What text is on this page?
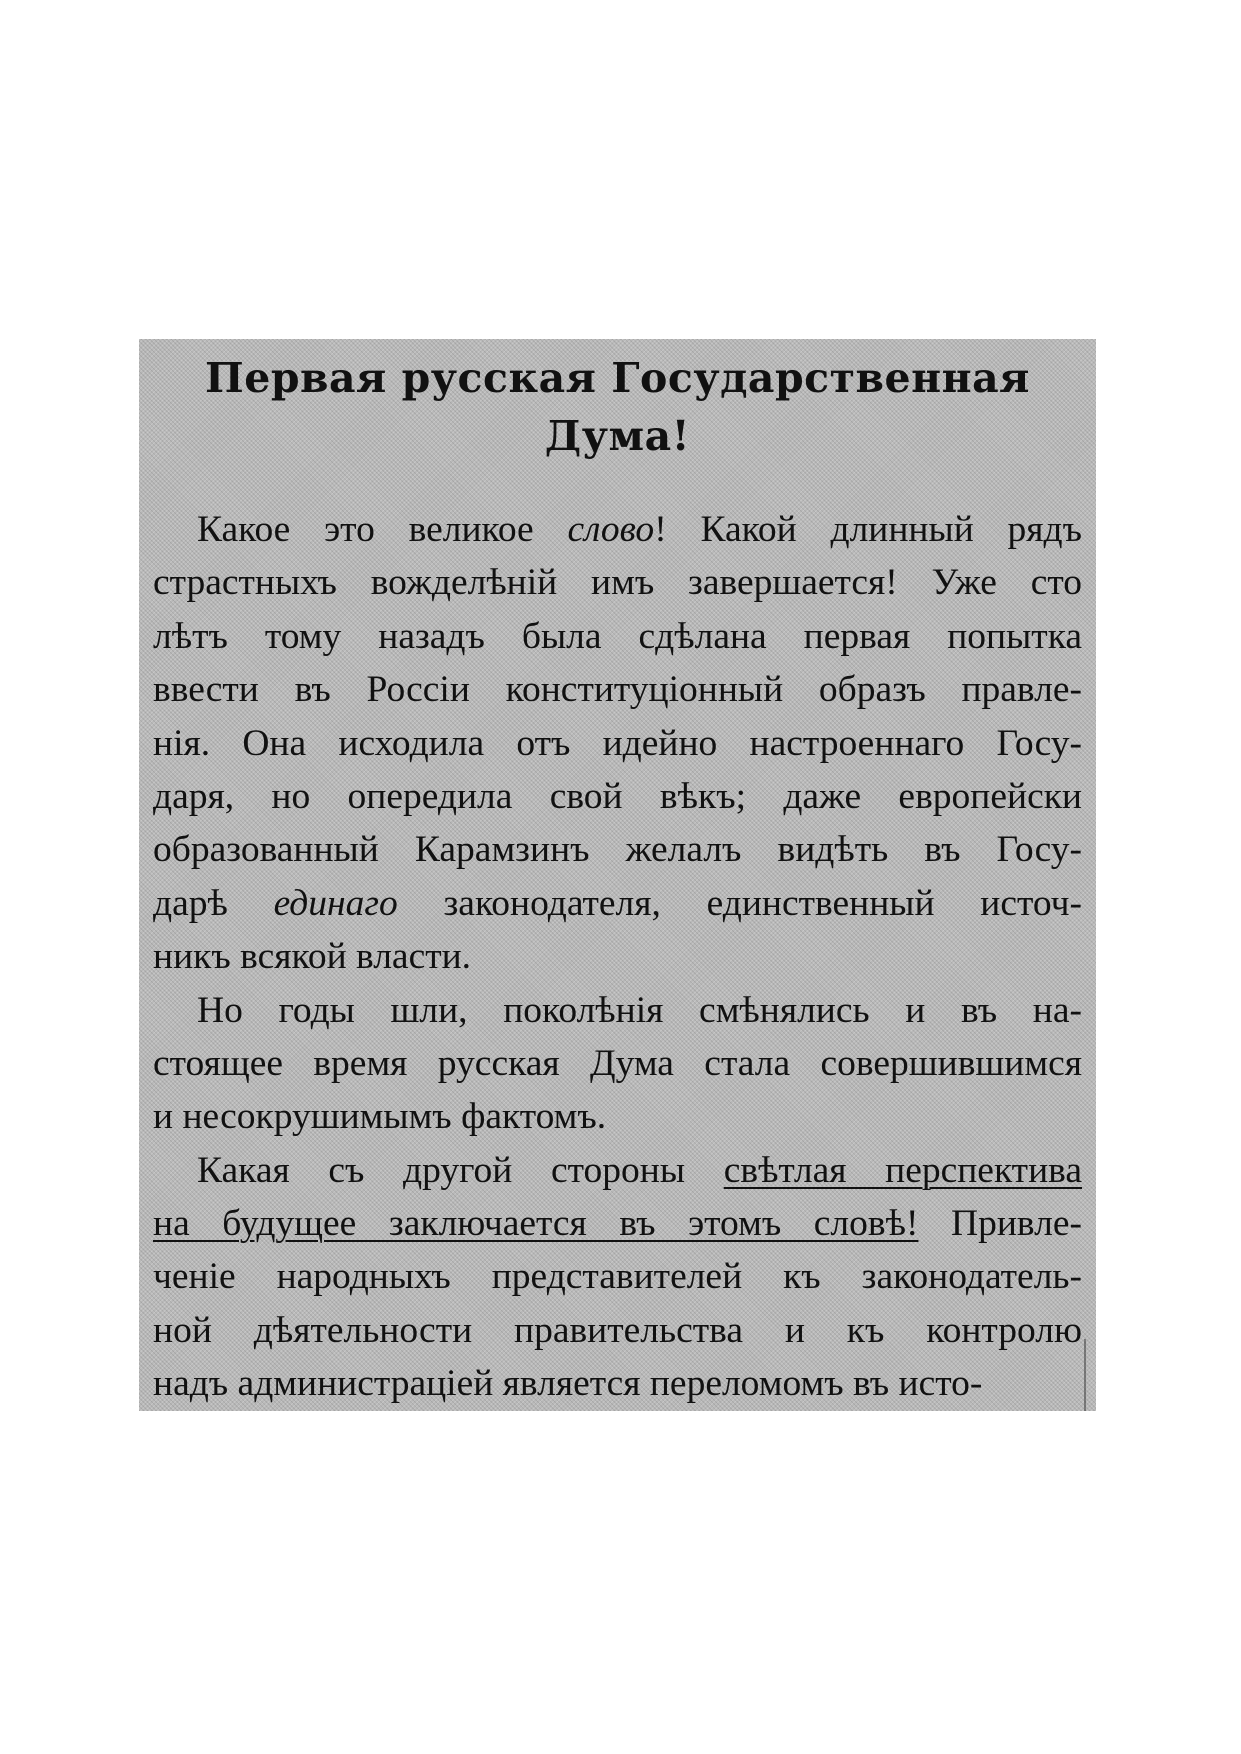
Первая русская Государственная
Дума!
Какое это великое слово! Какой длинный рядъ
страстныхъ вожделѣній имъ завершается! Уже сто
лѣтъ тому назадъ была сдѣлана первая попытка
ввести въ Россіи конституціонный образъ правле-
нія. Она исходила отъ идейно настроеннаго Госу-
даря, но опередила свой вѣкъ; даже европейски
образованный Карамзинъ желалъ видѣть въ Госу-
дарѣ единаго законодателя, единственный источ-
никъ всякой власти.
Но годы шли, поколѣнія смѣнялись и въ на-
стоящее время русская Дума стала совершившимся
и несокрушимымъ фактомъ.
Какая съ другой стороны свѣтлая перспектива
на будущее заключается въ этомъ словѣ! Привле-
ченіе народныхъ представителей къ законодатель-
ной дѣятельности правительства и къ контролю
надъ администраціей является переломомъ въ исто-
